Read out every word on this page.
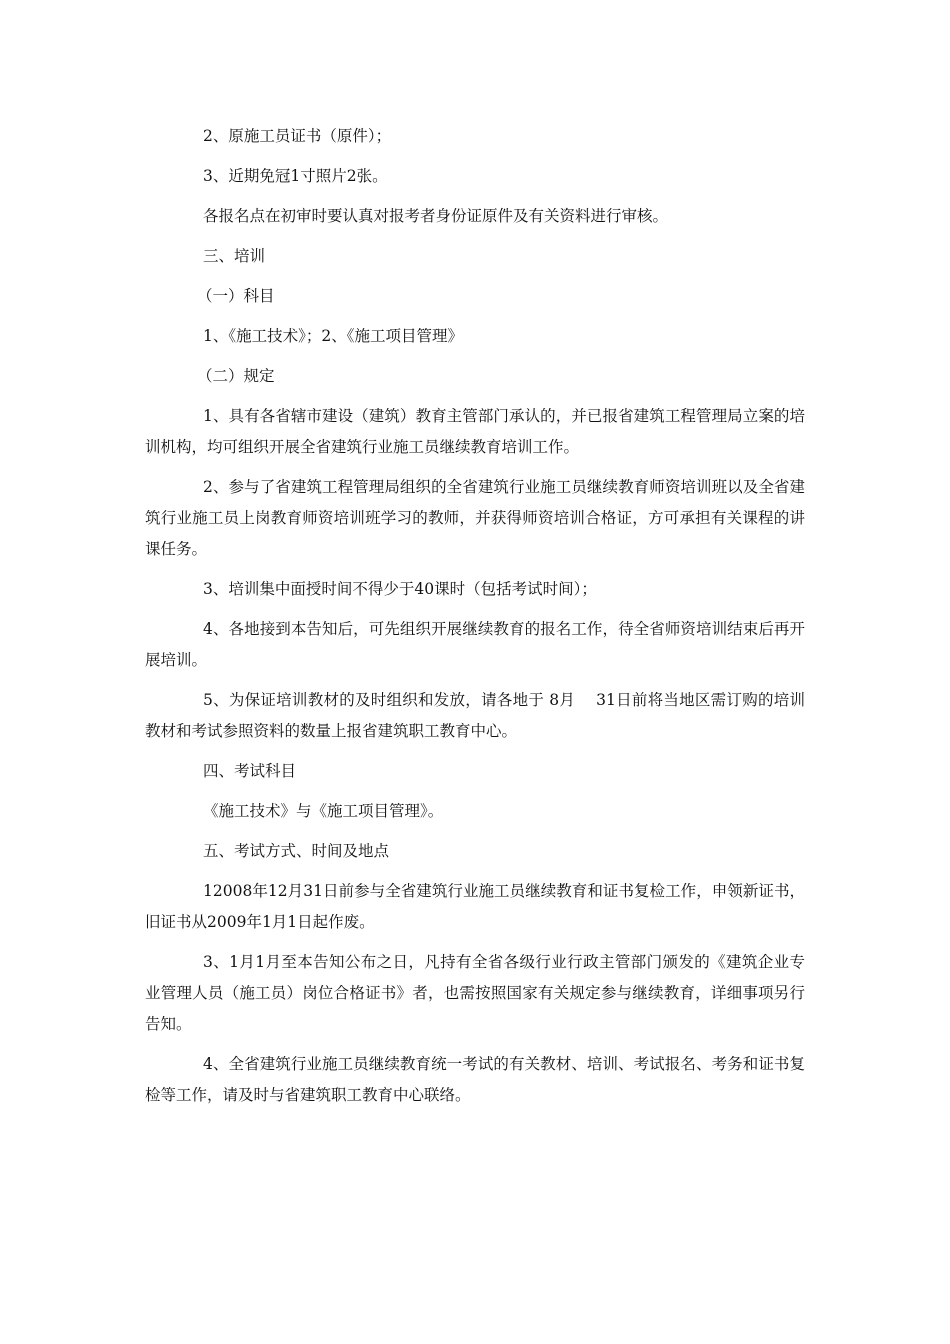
2、原施工员证书（原件）；

3、近期免冠1寸照片2张。

各报名点在初审时要认真对报考者身份证原件及有关资料进行审核。

三、培训

（一）科目

1、《施工技术》；2、《施工项目管理》

（二）规定

1、具有各省辖市建设（建筑）教育主管部门承认的，并已报省建筑工程管理局立案的培训机构，均可组织开展全省建筑行业施工员继续教育培训工作。

2、参与了省建筑工程管理局组织的全省建筑行业施工员继续教育师资培训班以及全省建筑行业施工员上岗教育师资培训班学习的教师，并获得师资培训合格证，方可承担有关课程的讲课任务。

3、培训集中面授时间不得少于40课时（包括考试时间）；

4、各地接到本告知后，可先组织开展继续教育的报名工作，待全省师资培训结束后再开展培训。

5、为保证培训教材的及时组织和发放，请各地于 8月　 31日前将当地区需订购的培训教材和考试参照资料的数量上报省建筑职工教育中心。

四、考试科目

《施工技术》与《施工项目管理》。

五、考试方式、时间及地点

12008年12月31日前参与全省建筑行业施工员继续教育和证书复检工作，申领新证书，旧证书从2009年1月1日起作废。

3、1月1月至本告知公布之日，凡持有全省各级行业行政主管部门颁发的《建筑企业专业管理人员（施工员）岗位合格证书》者，也需按照国家有关规定参与继续教育，详细事项另行告知。

4、全省建筑行业施工员继续教育统一考试的有关教材、培训、考试报名、考务和证书复检等工作，请及时与省建筑职工教育中心联络。
